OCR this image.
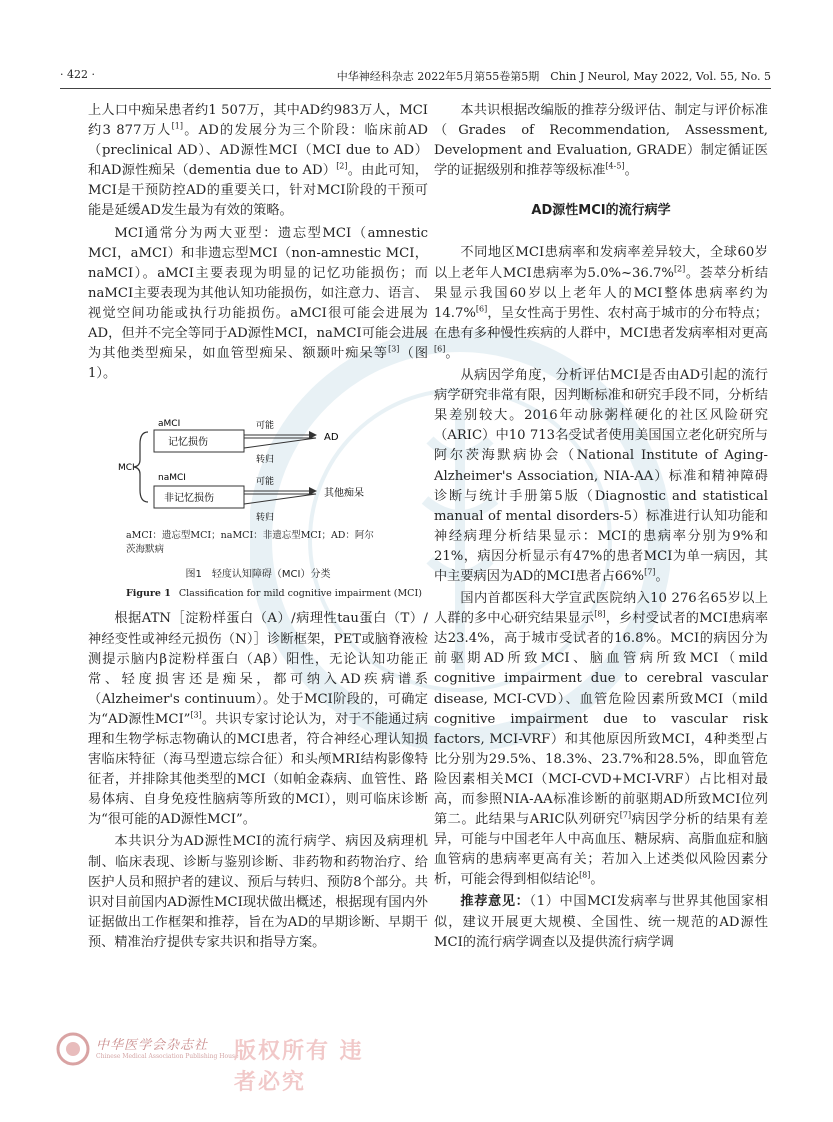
· 422 ·	中华神经科杂志 2022年5月第55卷第5期　Chin J Neurol, May 2022, Vol. 55, No. 5

上人口中痴呆患者约1 507万，其中AD约983万人，MCI约3 877万人[1]。AD的发展分为三个阶段：临床前AD（preclinical AD）、AD源性MCI（MCI due to AD）和AD源性痴呆（dementia due to AD）[2]。由此可知，MCI是干预防控AD的重要关口，针对MCI阶段的干预可能是延缓AD发生最为有效的策略。

MCI通常分为两大亚型：遗忘型MCI（amnestic MCI，aMCI）和非遗忘型MCI（non-amnestic MCI，naMCI）。aMCI主要表现为明显的记忆功能损伤；而naMCI主要表现为其他认知功能损伤，如注意力、语言、视觉空间功能或执行功能损伤。aMCI很可能会进展为AD，但并不完全等同于AD源性MCI，naMCI可能会进展为其他类型痴呆，如血管型痴呆、额颞叶痴呆等[3]（图1）。

MCI
aMCI
记忆损伤
可能
转归
AD
naMCI
非记忆损伤
可能
转归
其他痴呆
aMCI：遗忘型MCI；naMCI：非遗忘型MCI；AD：阿尔茨海默病
图1　轻度认知障碍（MCI）分类
Figure 1 Classification for mild cognitive impairment (MCI)

根据ATN［淀粉样蛋白（A）/病理性tau蛋白（T）/神经变性或神经元损伤（N）］诊断框架，PET或脑脊液检测提示脑内β淀粉样蛋白（Aβ）阳性，无论认知功能正常、轻度损害还是痴呆，都可纳入AD疾病谱系（Alzheimer's continuum）。处于MCI阶段的，可确定为“AD源性MCI”[3]。共识专家讨论认为，对于不能通过病理和生物学标志物确认的MCI患者，符合神经心理认知损害临床特征（海马型遗忘综合征）和头颅MRI结构影像特征者，并排除其他类型的MCI（如帕金森病、血管性、路易体病、自身免疫性脑病等所致的MCI），则可临床诊断为“很可能的AD源性MCI”。

本共识分为AD源性MCI的流行病学、病因及病理机制、临床表现、诊断与鉴别诊断、非药物和药物治疗、给医护人员和照护者的建议、预后与转归、预防8个部分。共识对目前国内AD源性MCI现状做出概述，根据现有国内外证据做出工作框架和推荐，旨在为AD的早期诊断、早期干预、精准治疗提供专家共识和指导方案。

本共识根据改编版的推荐分级评估、制定与评价标准（Grades of Recommendation, Assessment, Development and Evaluation, GRADE）制定循证医学的证据级别和推荐等级标准[4-5]。

AD源性MCI的流行病学

不同地区MCI患病率和发病率差异较大，全球60岁以上老年人MCI患病率为5.0%~36.7%[2]。荟萃分析结果显示我国60岁以上老年人的MCI整体患病率约为14.7%[6]，呈女性高于男性、农村高于城市的分布特点；在患有多种慢性疾病的人群中，MCI患者发病率相对更高[6]。

从病因学角度，分析评估MCI是否由AD引起的流行病学研究非常有限，因判断标准和研究手段不同，分析结果差别较大。2016年动脉粥样硬化的社区风险研究（ARIC）中10 713名受试者使用美国国立老化研究所与阿尔茨海默病协会（National Institute of Aging-Alzheimer's Association, NIA-AA）标准和精神障碍诊断与统计手册第5版（Diagnostic and statistical manual of mental disorders-5）标准进行认知功能和神经病理分析结果显示：MCI的患病率分别为9%和21%，病因分析显示有47%的患者MCI为单一病因，其中主要病因为AD的MCI患者占66%[7]。

国内首都医科大学宣武医院纳入10 276名65岁以上人群的多中心研究结果显示[8]，乡村受试者的MCI患病率达23.4%，高于城市受试者的16.8%。MCI的病因分为前驱期AD所致MCI、脑血管病所致MCI（mild cognitive impairment due to cerebral vascular disease, MCI-CVD）、血管危险因素所致MCI（mild cognitive impairment due to vascular risk factors, MCI-VRF）和其他原因所致MCI，4种类型占比分别为29.5%、18.3%、23.7%和28.5%，即血管危险因素相关MCI（MCI-CVD+MCI-VRF）占比相对最高，而参照NIA-AA标准诊断的前驱期AD所致MCI位列第二。此结果与ARIC队列研究[7]病因学分析的结果有差异，可能与中国老年人中高血压、糖尿病、高脂血症和脑血管病的患病率更高有关；若加入上述类似风险因素分析，可能会得到相似结论[8]。

推荐意见：（1）中国MCI发病率与世界其他国家相似，建议开展更大规模、全国性、统一规范的AD源性MCI的流行病学调查以及提供流行病学调

中华医学会杂志社
Chinese Medical Association Publishing House
版权所有 违者必究
